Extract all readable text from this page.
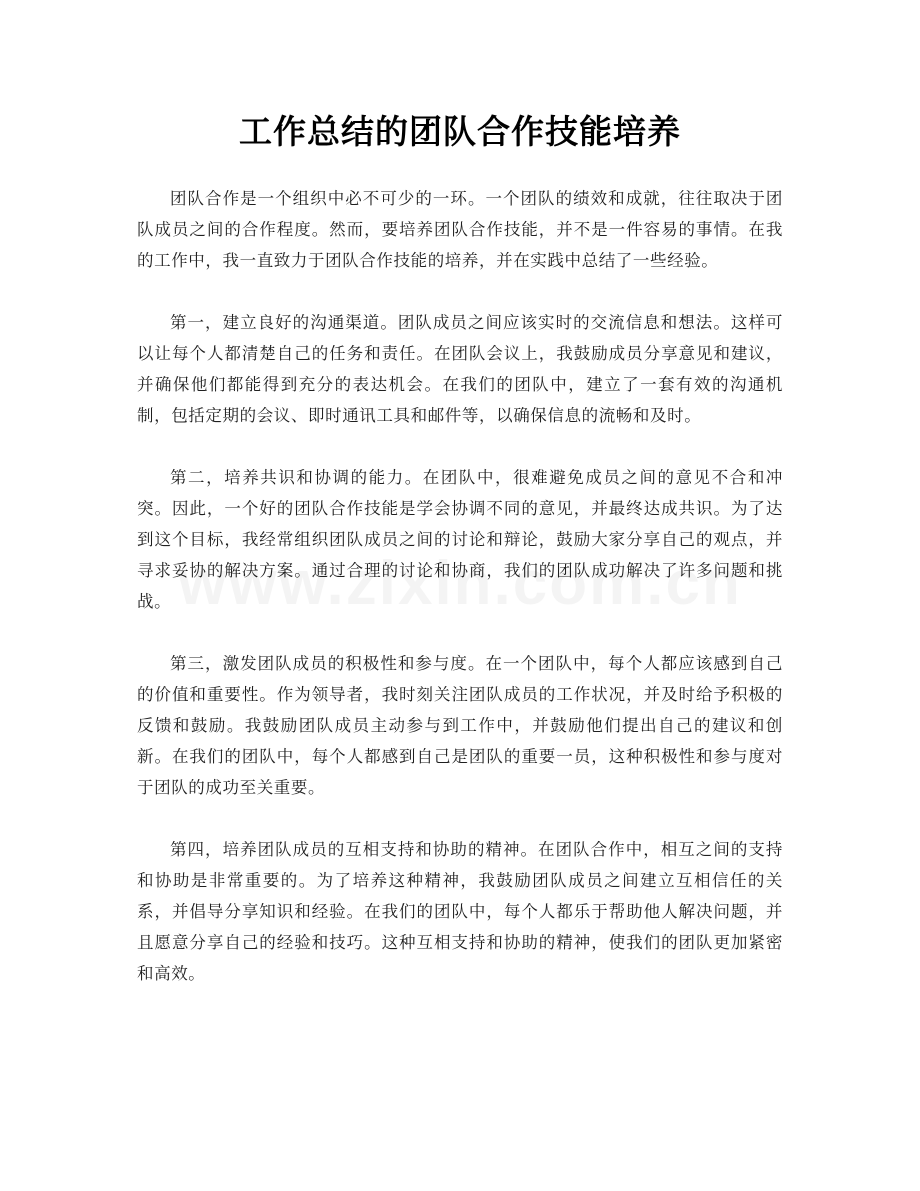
工作总结的团队合作技能培养

团队合作是一个组织中必不可少的一环。一个团队的绩效和成就，往往取决于团队成员之间的合作程度。然而，要培养团队合作技能，并不是一件容易的事情。在我的工作中，我一直致力于团队合作技能的培养，并在实践中总结了一些经验。

第一，建立良好的沟通渠道。团队成员之间应该实时的交流信息和想法。这样可以让每个人都清楚自己的任务和责任。在团队会议上，我鼓励成员分享意见和建议，并确保他们都能得到充分的表达机会。在我们的团队中，建立了一套有效的沟通机制，包括定期的会议、即时通讯工具和邮件等，以确保信息的流畅和及时。

第二，培养共识和协调的能力。在团队中，很难避免成员之间的意见不合和冲突。因此，一个好的团队合作技能是学会协调不同的意见，并最终达成共识。为了达到这个目标，我经常组织团队成员之间的讨论和辩论，鼓励大家分享自己的观点，并寻求妥协的解决方案。通过合理的讨论和协商，我们的团队成功解决了许多问题和挑战。

第三，激发团队成员的积极性和参与度。在一个团队中，每个人都应该感到自己的价值和重要性。作为领导者，我时刻关注团队成员的工作状况，并及时给予积极的反馈和鼓励。我鼓励团队成员主动参与到工作中，并鼓励他们提出自己的建议和创新。在我们的团队中，每个人都感到自己是团队的重要一员，这种积极性和参与度对于团队的成功至关重要。

第四，培养团队成员的互相支持和协助的精神。在团队合作中，相互之间的支持和协助是非常重要的。为了培养这种精神，我鼓励团队成员之间建立互相信任的关系，并倡导分享知识和经验。在我们的团队中，每个人都乐于帮助他人解决问题，并且愿意分享自己的经验和技巧。这种互相支持和协助的精神，使我们的团队更加紧密和高效。
